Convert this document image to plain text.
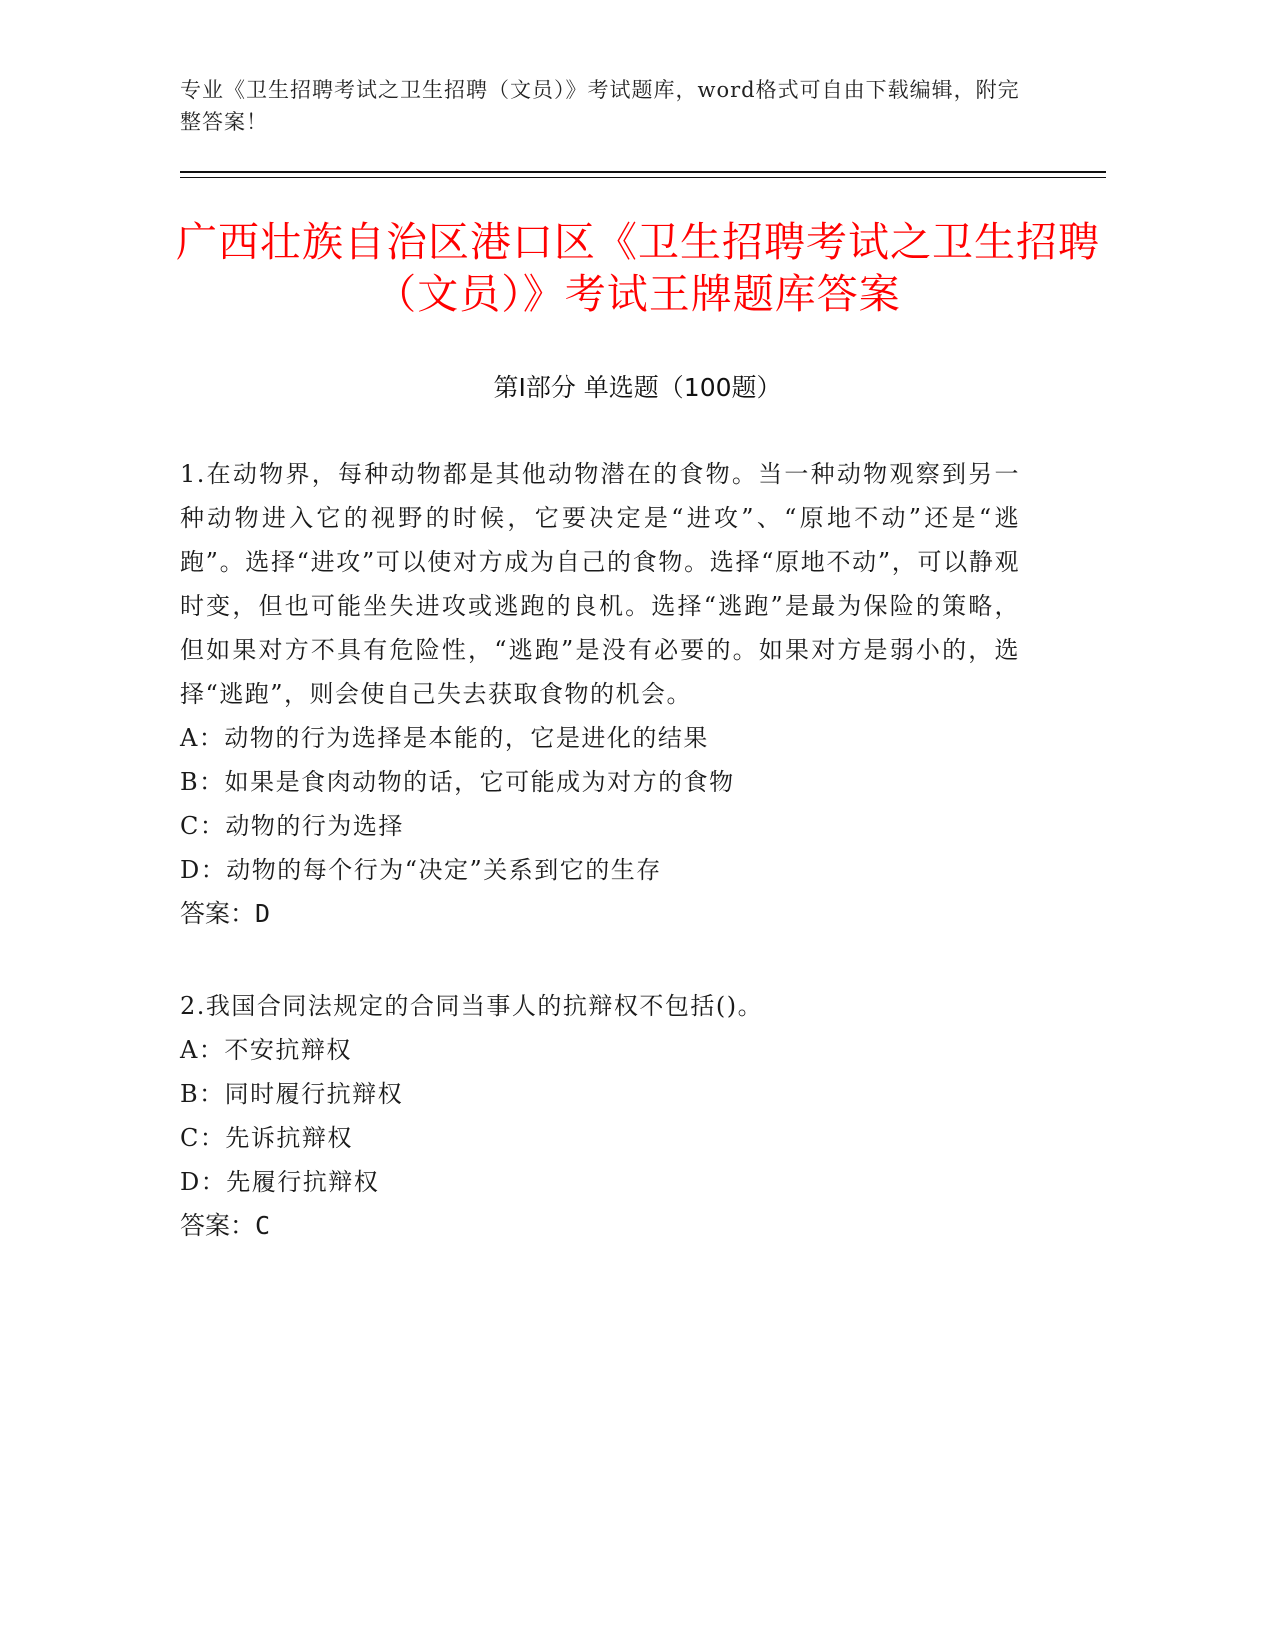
专业《卫生招聘考试之卫生招聘（文员）》考试题库，word格式可自由下载编辑，附完整答案！
广西壮族自治区港口区《卫生招聘考试之卫生招聘（文员）》考试王牌题库答案
第Ⅰ部分 单选题（100题）

1.在动物界，每种动物都是其他动物潜在的食物。当一种动物观察到另一种动物进入它的视野的时候，它要决定是“进攻”、“原地不动”还是“逃跑”。选择“进攻”可以使对方成为自己的食物。选择“原地不动”，可以静观时变，但也可能坐失进攻或逃跑的良机。选择“逃跑”是最为保险的策略，但如果对方不具有危险性，“逃跑”是没有必要的。如果对方是弱小的，选择“逃跑”，则会使自己失去获取食物的机会。

A：动物的行为选择是本能的，它是进化的结果

B：如果是食肉动物的话，它可能成为对方的食物

C：动物的行为选择

D：动物的每个行为“决定”关系到它的生存

答案：D

2.我国合同法规定的合同当事人的抗辩权不包括()。

A：不安抗辩权

B：同时履行抗辩权

C：先诉抗辩权

D：先履行抗辩权

答案：C
